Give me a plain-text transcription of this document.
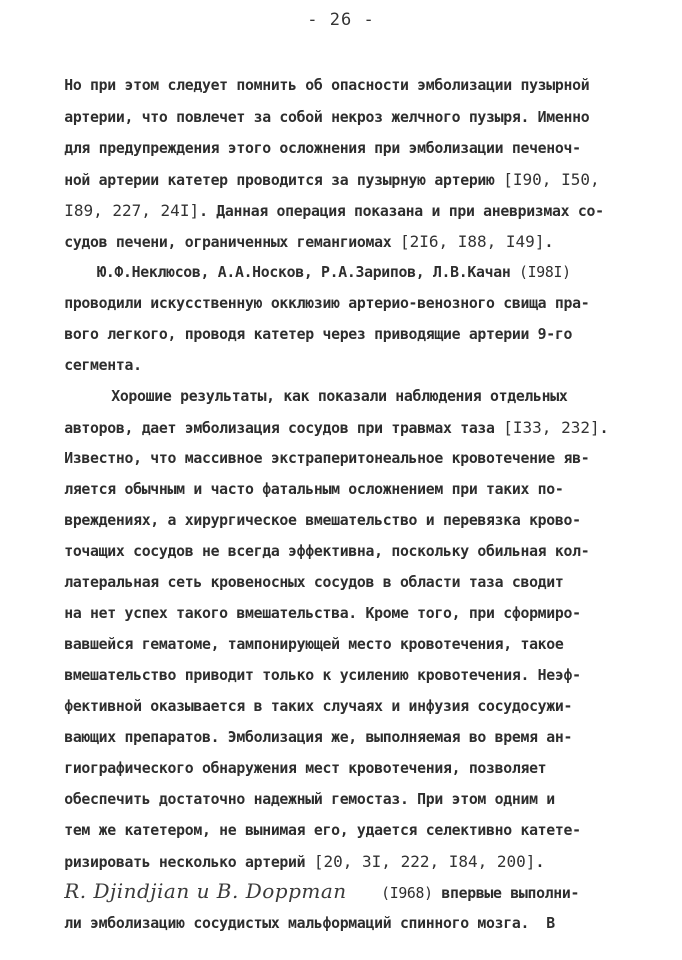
- 26 -

Но при этом следует помнить об опасности эмболизации пузырной

артерии, что повлечет за собой некроз желчного пузыря. Именно

для предупреждения этого осложнения при эмболизации печеноч-

ной артерии катетер проводится за пузырную артерию [I90, I50,

I89, 227, 24I]. Данная операция показана и при аневризмах со-

судов печени, ограниченных гемангиомах [2I6, I88, I49].

Ю.Ф.Неклюсов, А.А.Носков, Р.А.Зарипов, Л.В.Качан (I98I)

проводили искусственную окклюзию артерио-венозного свища пра-

вого легкого, проводя катетер через приводящие артерии 9-го

сегмента.

Хорошие результаты, как показали наблюдения отдельных

авторов, дает эмболизация сосудов при травмах таза [I33, 232].

Известно, что массивное экстраперитонеальное кровотечение яв-

ляется обычным и часто фатальным осложнением при таких по-

вреждениях, а хирургическое вмешательство и перевязка крово-

точащих сосудов не всегда эффективна, поскольку обильная кол-

латеральная сеть кровеносных сосудов в области таза сводит

на нет успех такого вмешательства. Кроме того, при сформиро-

вавшейся гематоме, тампонирующей место кровотечения, такое

вмешательство приводит только к усилению кровотечения. Неэф-

фективной оказывается в таких случаях и инфузия сосудосужи-

вающих препаратов. Эмболизация же, выполняемая во время ан-

гиографического обнаружения мест кровотечения, позволяет

обеспечить достаточно надежный гемостаз. При этом одним и

тем же катетером, не вынимая его, удается селективно катете-

ризировать несколько артерий [20, 3I, 222, I84, 200].

R. Djindjian и B. Doppman (I968) впервые выполни-

ли эмболизацию сосудистых мальформаций спинного мозга.  В
